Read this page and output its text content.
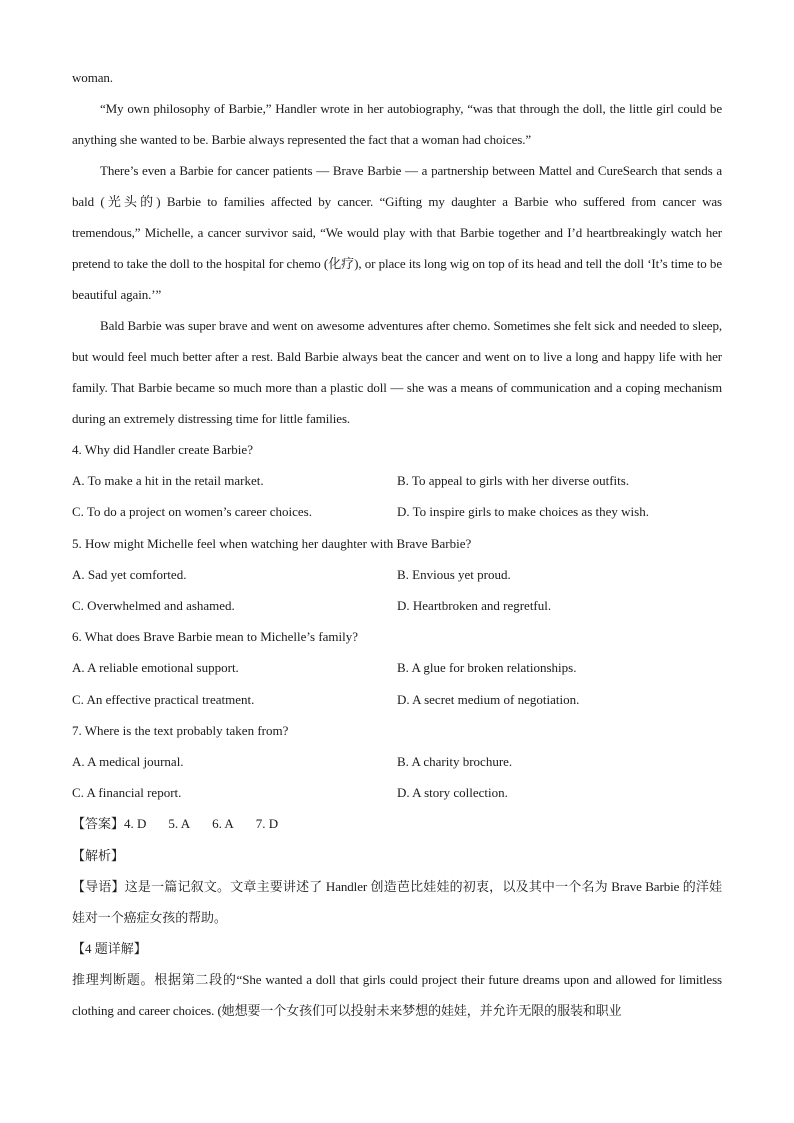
woman.

“My own philosophy of Barbie,” Handler wrote in her autobiography, “was that through the doll, the little girl could be anything she wanted to be. Barbie always represented the fact that a woman had choices.”

There’s even a Barbie for cancer patients — Brave Barbie — a partnership between Mattel and CureSearch that sends a bald (光头的) Barbie to families affected by cancer. “Gifting my daughter a Barbie who suffered from cancer was tremendous,” Michelle, a cancer survivor said, “We would play with that Barbie together and I’d heartbreakingly watch her pretend to take the doll to the hospital for chemo (化疗), or place its long wig on top of its head and tell the doll ‘It’s time to be beautiful again.’”

Bald Barbie was super brave and went on awesome adventures after chemo. Sometimes she felt sick and needed to sleep, but would feel much better after a rest. Bald Barbie always beat the cancer and went on to live a long and happy life with her family. That Barbie became so much more than a plastic doll — she was a means of communication and a coping mechanism during an extremely distressing time for little families.

4. Why did Handler create Barbie?
A. To make a hit in the retail market.	B. To appeal to girls with her diverse outfits.
C. To do a project on women’s career choices.	D. To inspire girls to make choices as they wish.
5. How might Michelle feel when watching her daughter with Brave Barbie?
A. Sad yet comforted.	B. Envious yet proud.
C. Overwhelmed and ashamed.	D. Heartbroken and regretful.
6. What does Brave Barbie mean to Michelle’s family?
A. A reliable emotional support.	B. A glue for broken relationships.
C. An effective practical treatment.	D. A secret medium of negotiation.
7. Where is the text probably taken from?
A. A medical journal.	B. A charity brochure.
C. A financial report.	D. A story collection.
【答案】 4. D 5. A 6. A 7. D
【解析】

【导语】这是一篇记叙文。文章主要讲述了 Handler 创造芭比娃娃的初衷，以及其中一个名为 Brave Barbie 的洋娃娃对一个癌症女孩的帮助。

【4 题详解】

推理判断题。根据第二段的“She wanted a doll that girls could project their future dreams upon and allowed for limitless clothing and career choices. (她想要一个女孩们可以投射未来梦想的娃娃，并允许无限的服装和职业
